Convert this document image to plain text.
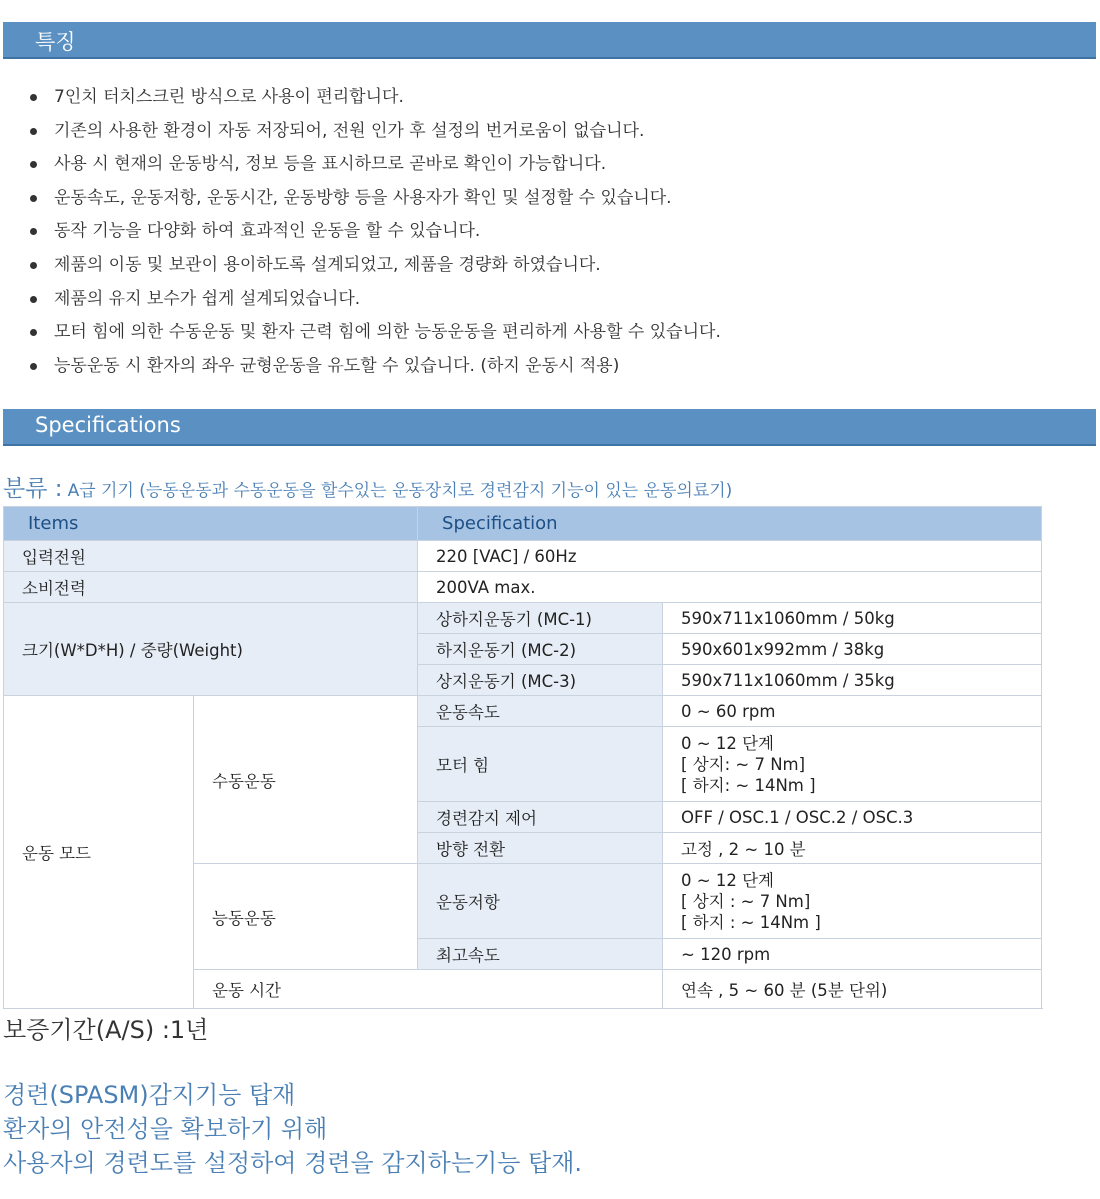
특징
7인치 터치스크린 방식으로 사용이 편리합니다.
기존의 사용한 환경이 자동 저장되어, 전원 인가 후 설정의 번거로움이 없습니다.
사용 시 현재의 운동방식, 정보 등을 표시하므로 곧바로 확인이 가능합니다.
운동속도, 운동저항, 운동시간, 운동방향 등을 사용자가 확인 및 설정할 수 있습니다.
동작 기능을 다양화 하여 효과적인 운동을 할 수 있습니다.
제품의 이동 및 보관이 용이하도록 설계되었고, 제품을 경량화 하였습니다.
제품의 유지 보수가 쉽게 설계되었습니다.
모터 힘에 의한 수동운동 및 환자 근력 힘에 의한 능동운동을 편리하게 사용할 수 있습니다.
능동운동 시 환자의 좌우 균형운동을 유도할 수 있습니다. (하지 운동시 적용)
Specifications
분류 : A급 기기 (능동운동과 수동운동을 할수있는 운동장치로 경련감지 기능이 있는 운동의료기)
Items		Specification	
입력전원		220 [VAC] / 60Hz	
소비전력		200VA max.	
크기(W*D*H) / 중량(Weight)		상하지운동기 (MC-1)	590x711x1060mm / 50kg
		하지운동기 (MC-2)	590x601x992mm / 38kg
		상지운동기 (MC-3)	590x711x1060mm / 35kg
운동 모드	수동운동	운동속도	0 ~ 60 rpm
		모터 힘	0 ~ 12 단계
[ 상지: ~ 7 Nm]
[ 하지: ~ 14Nm ]

		경련감지 제어	OFF / OSC.1 / OSC.2 / OSC.3
		방향 전환	고정 , 2 ~ 10 분
	능동운동	운동저항	0 ~ 12 단계
[ 상지 : ~ 7 Nm]
[ 하지 : ~ 14Nm ]

		최고속도	~ 120 rpm
	운동 시간		연속 , 5 ~ 60 분 (5분 단위)
보증기간(A/S) :1년
경련(SPASM)감지기능 탑재
환자의 안전성을 확보하기 위해
사용자의 경련도를 설정하여 경련을 감지하는기능 탑재.
